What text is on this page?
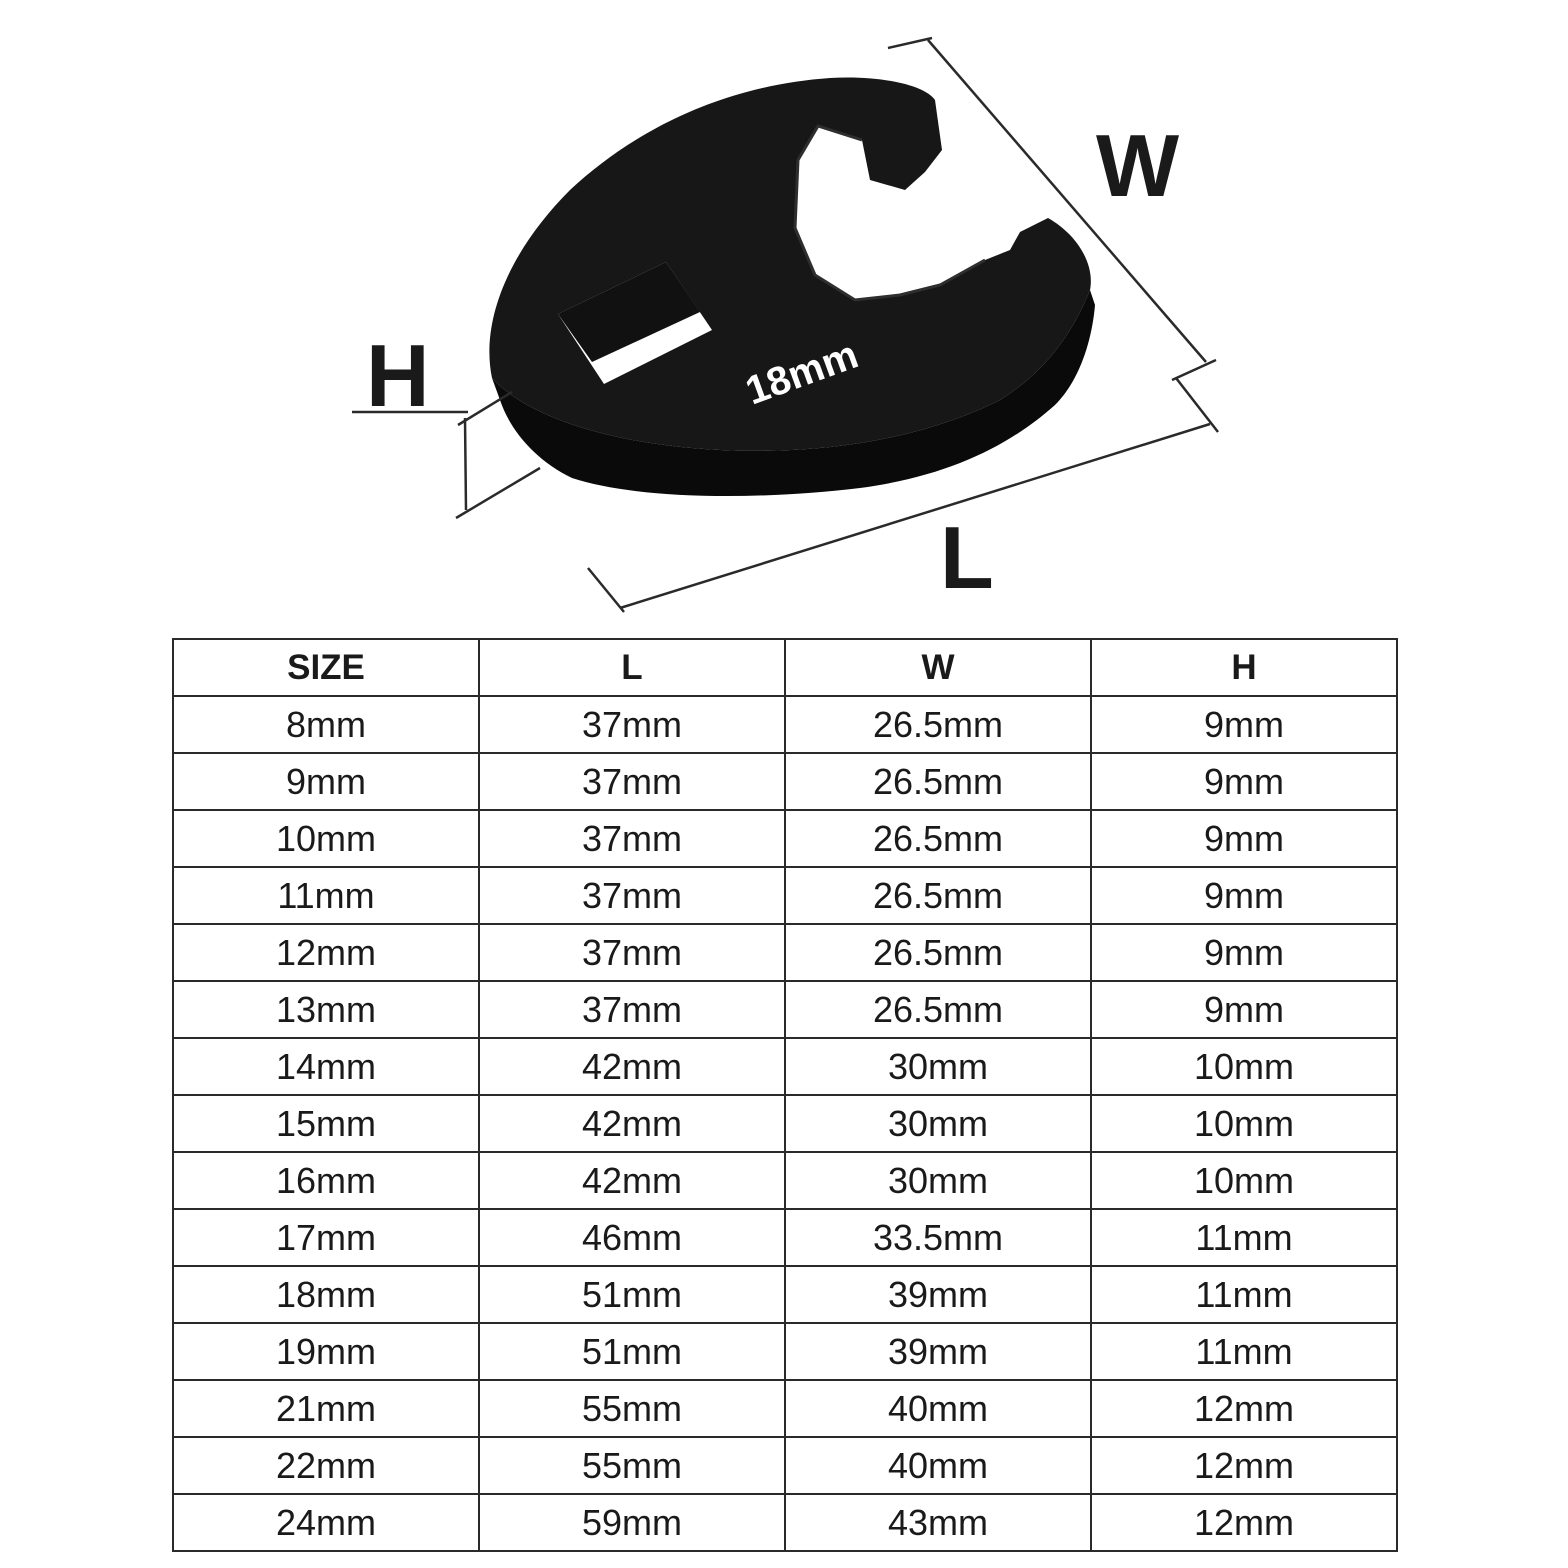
18mm
H
W
L
SIZE	L	W	H
8mm	37mm	26.5mm	9mm
9mm	37mm	26.5mm	9mm
10mm	37mm	26.5mm	9mm
11mm	37mm	26.5mm	9mm
12mm	37mm	26.5mm	9mm
13mm	37mm	26.5mm	9mm
14mm	42mm	30mm	10mm
15mm	42mm	30mm	10mm
16mm	42mm	30mm	10mm
17mm	46mm	33.5mm	11mm
18mm	51mm	39mm	11mm
19mm	51mm	39mm	11mm
21mm	55mm	40mm	12mm
22mm	55mm	40mm	12mm
24mm	59mm	43mm	12mm
